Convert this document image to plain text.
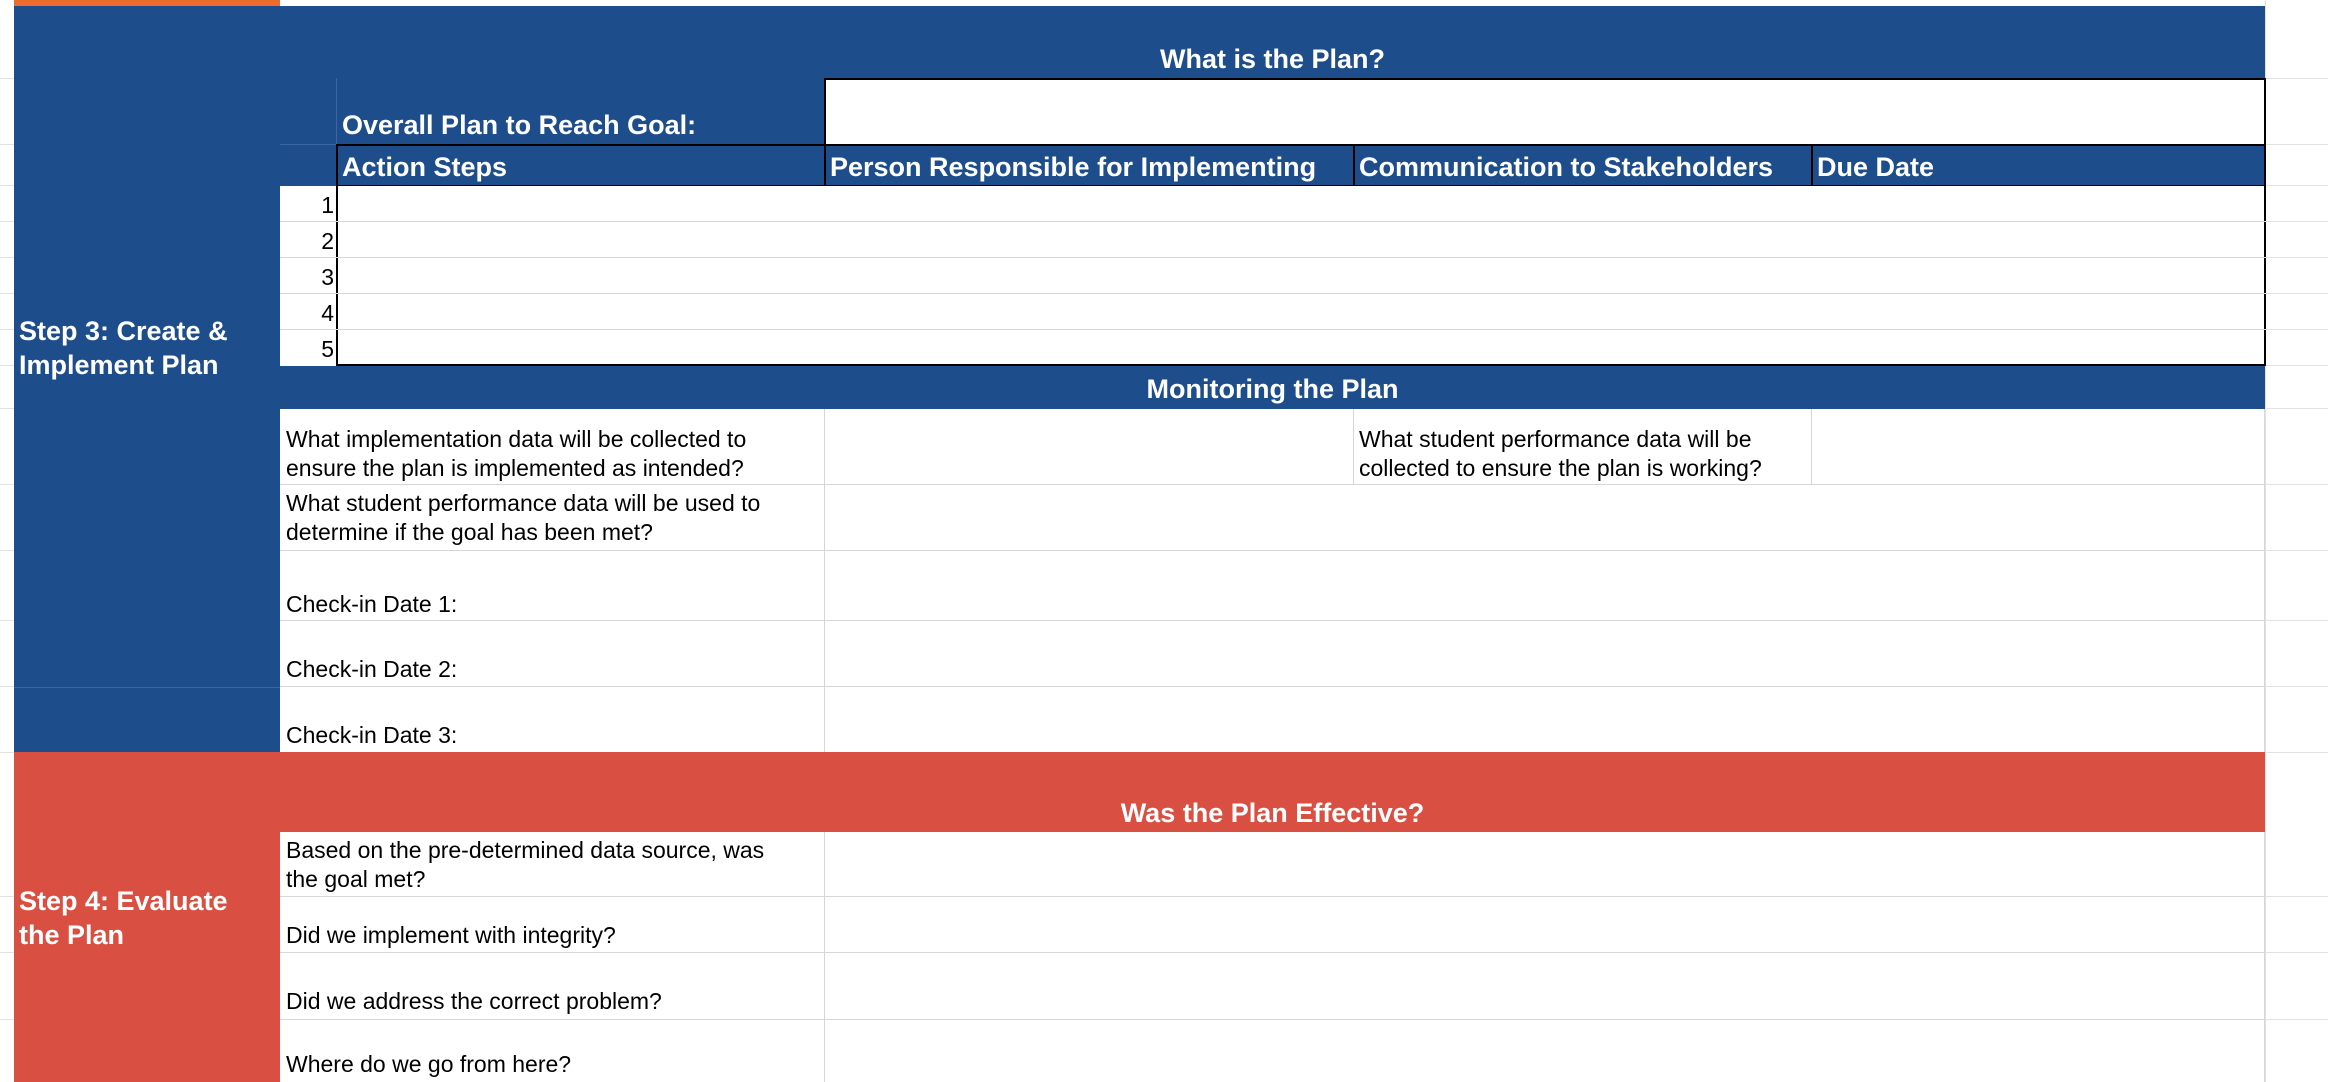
Step 3: Create &
Implement Plan
What is the Plan?
Overall Plan to Reach Goal:
Action Steps	Person Responsible for Implementing Communication to Stakeholders Due Date
1
2
3
4
5
Monitoring the Plan
What implementation data will be collected to
ensure the plan is implemented as intended?
What student performance data will be
collected to ensure the plan is working?
What student performance data will be used to
determine if the goal has been met?
Check-in Date 1:
Check-in Date 2:
Check-in Date 3:
Step 4: Evaluate
the Plan
Was the Plan Effective?
Based on the pre-determined data source, was
the goal met?
Did we implement with integrity?
Did we address the correct problem?
Where do we go from here?
